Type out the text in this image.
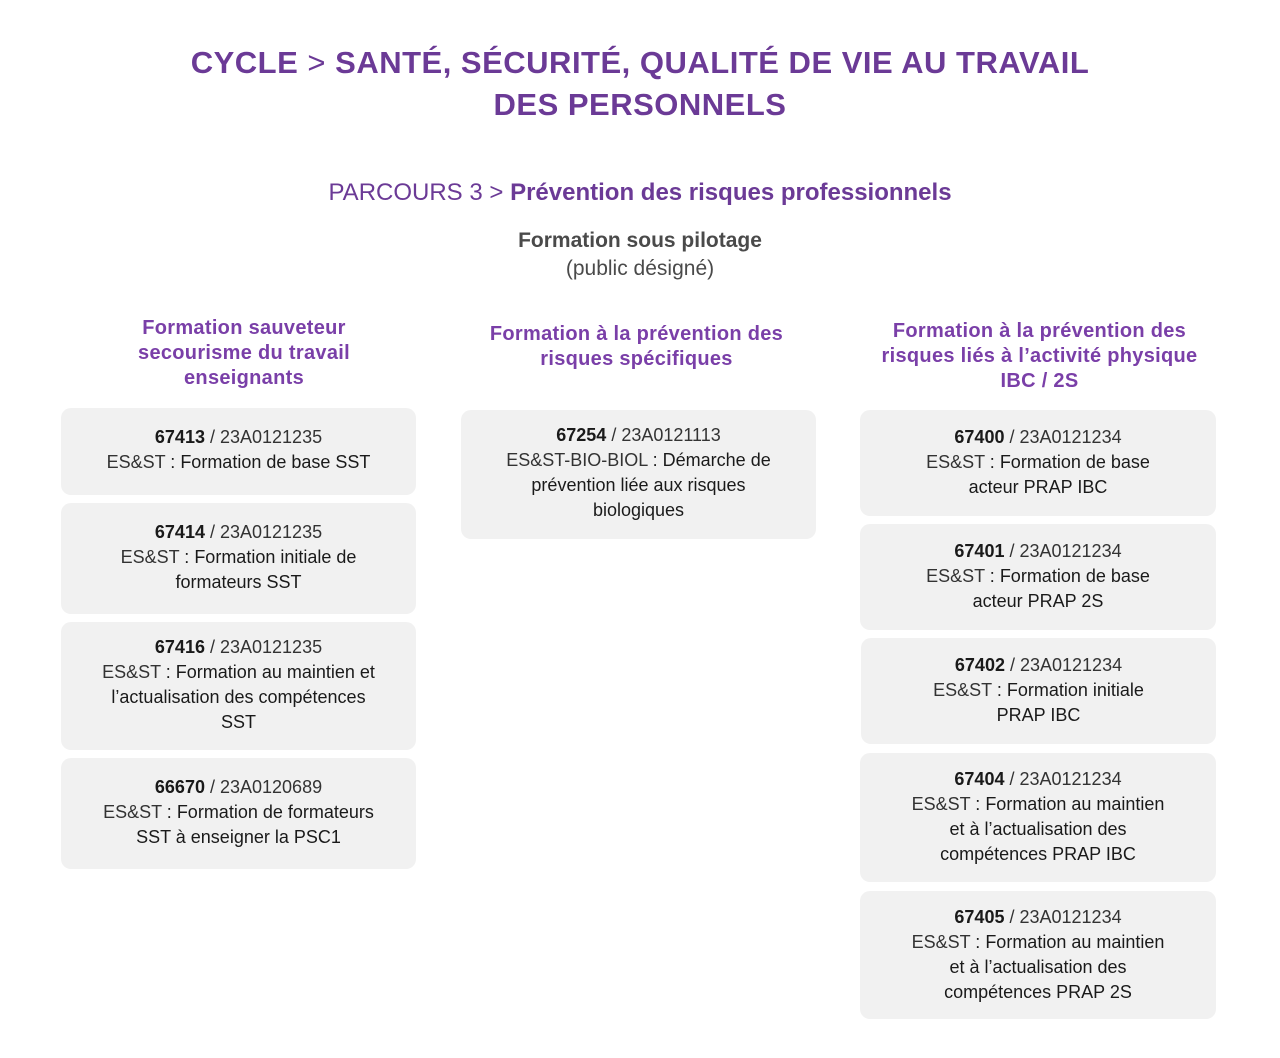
CYCLE > SANTÉ, SÉCURITÉ, QUALITÉ DE VIE AU TRAVAIL
DES PERSONNELS
PARCOURS 3 > Prévention des risques professionnels
Formation sous pilotage
(public désigné)
Formation sauveteur
secourisme du travail
enseignants
Formation à la prévention des
risques spécifiques
Formation à la prévention des
risques liés à l’activité physique
IBC / 2S
67413 / 23A0121235
ES&ST : Formation de base SST
67414 / 23A0121235
ES&ST : Formation initiale de
formateurs SST
67416 / 23A0121235
ES&ST : Formation au maintien et
l’actualisation des compétences
SST
66670 / 23A0120689
ES&ST : Formation de formateurs
SST à enseigner la PSC1
67254 / 23A0121113
ES&ST-BIO-BIOL : Démarche de
prévention liée aux risques
biologiques
67400 / 23A0121234
ES&ST : Formation de base
acteur PRAP IBC
67401 / 23A0121234
ES&ST : Formation de base
acteur PRAP 2S
67402 / 23A0121234
ES&ST : Formation initiale
PRAP IBC
67404 / 23A0121234
ES&ST : Formation au maintien
et à l’actualisation des
compétences PRAP IBC
67405 / 23A0121234
ES&ST : Formation au maintien
et à l’actualisation des
compétences PRAP 2S
